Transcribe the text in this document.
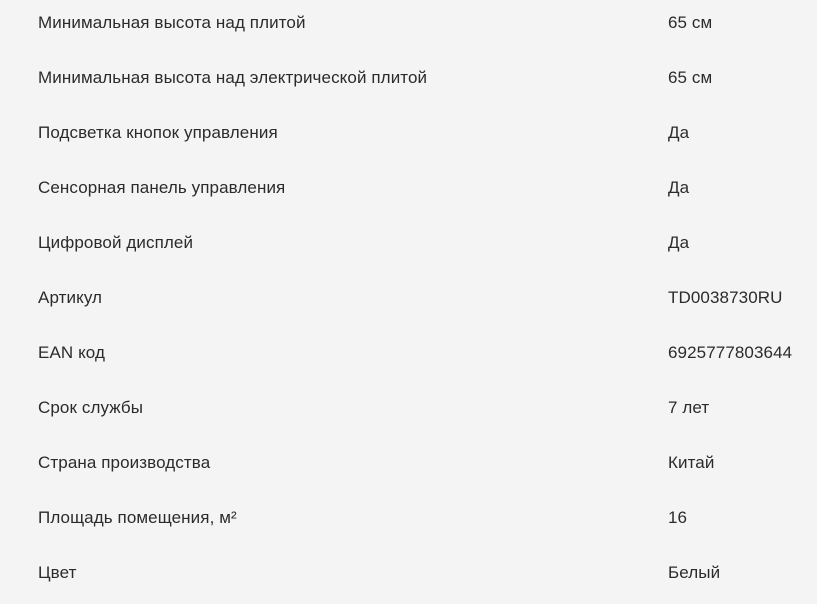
Минимальная высота над плитой	65 см
Минимальная высота над электрической плитой	65 см
Подсветка кнопок управления	Да
Сенсорная панель управления	Да
Цифровой дисплей	Да
Артикул	TD0038730RU
EAN код	6925777803644
Срок службы	7 лет
Страна производства	Китай
Площадь помещения, м²	16
Цвет	Белый
